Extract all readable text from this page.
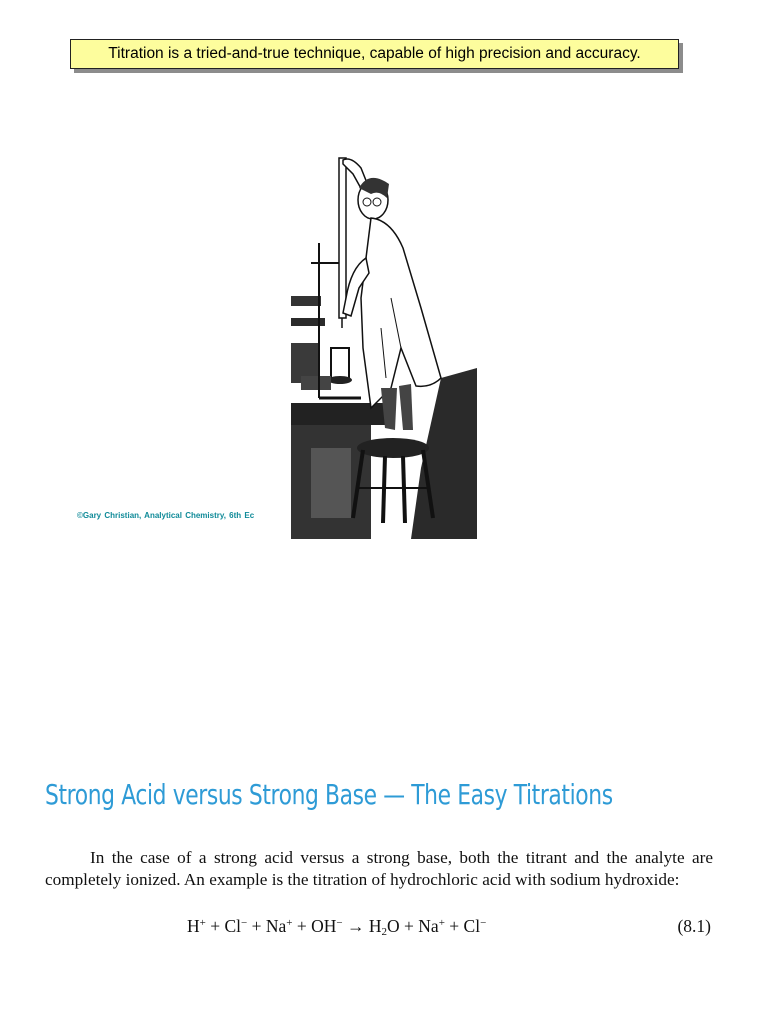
Titration is a tried-and-true technique, capable of high precision and accuracy.
©Gary Christian, Analytical Chemistry, 6th Ec
Strong Acid versus Strong Base — The Easy Titrations
In the case of a strong acid versus a strong base, both the titrant and the analyte are completely ionized. An example is the titration of hydrochloric acid with sodium hydroxide:
$H^+ + Cl^- + Na^+ + OH^- \to H_2O + Na^+ + Cl^-$	(8.1)
